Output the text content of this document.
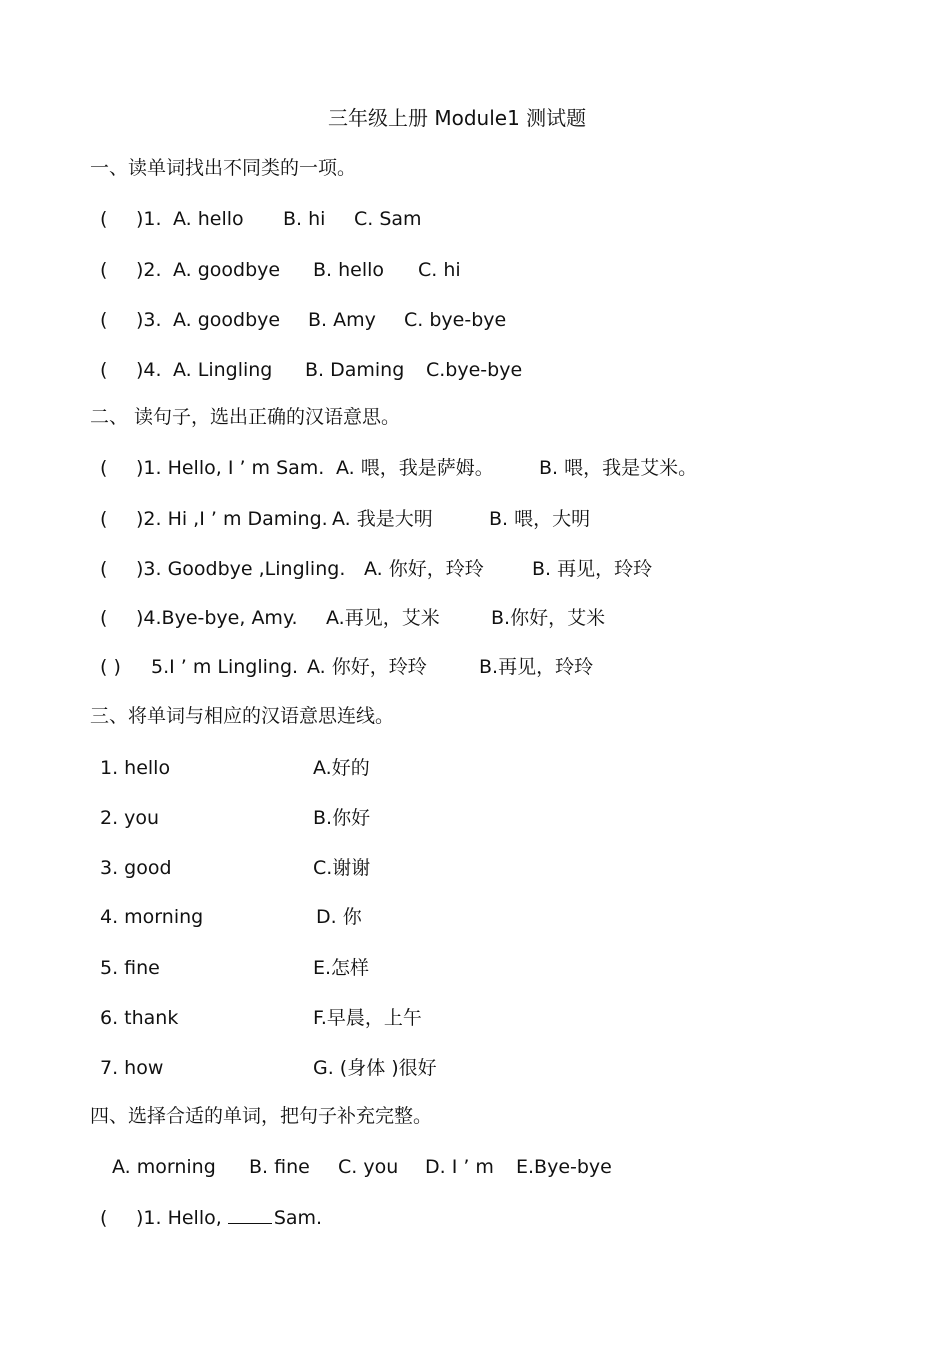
三年级上册 Module1 测试题
一、读单词找出不同类的一项。
( )1. A. hello B. hi C. Sam
( )2. A. goodbye B. hello C. hi
( )3. A. goodbye B. Amy C. bye-bye
( )4. A. Lingling B. Daming C.bye-bye
二、 读句子，选出正确的汉语意思。
( )1. Hello, I ’ m Sam. A. 喂，我是萨姆。 B. 喂，我是艾米。
( )2. Hi ,I ’ m Daming. A. 我是大明	B. 喂，大明
( )3. Goodbye ,Lingling. A. 你好，玲玲	B. 再见，玲玲
( )4.Bye-bye, Amy. A.再见，艾米	B.你好，艾米
( ) 5.I ’ m Lingling. A. 你好，玲玲	B.再见，玲玲
三、将单词与相应的汉语意思连线。
1. hello	A.好的
2. you	B.你好
3. good	C.谢谢
4. morning	D. 你
5. fine	E.怎样
6. thank	F.早晨，上午
7. how	G. (身体 )很好
四、选择合适的单词，把句子补充完整。
A. morning B. fine C. you D. I ’ m E.Bye-bye
( )1. Hello,	Sam.
